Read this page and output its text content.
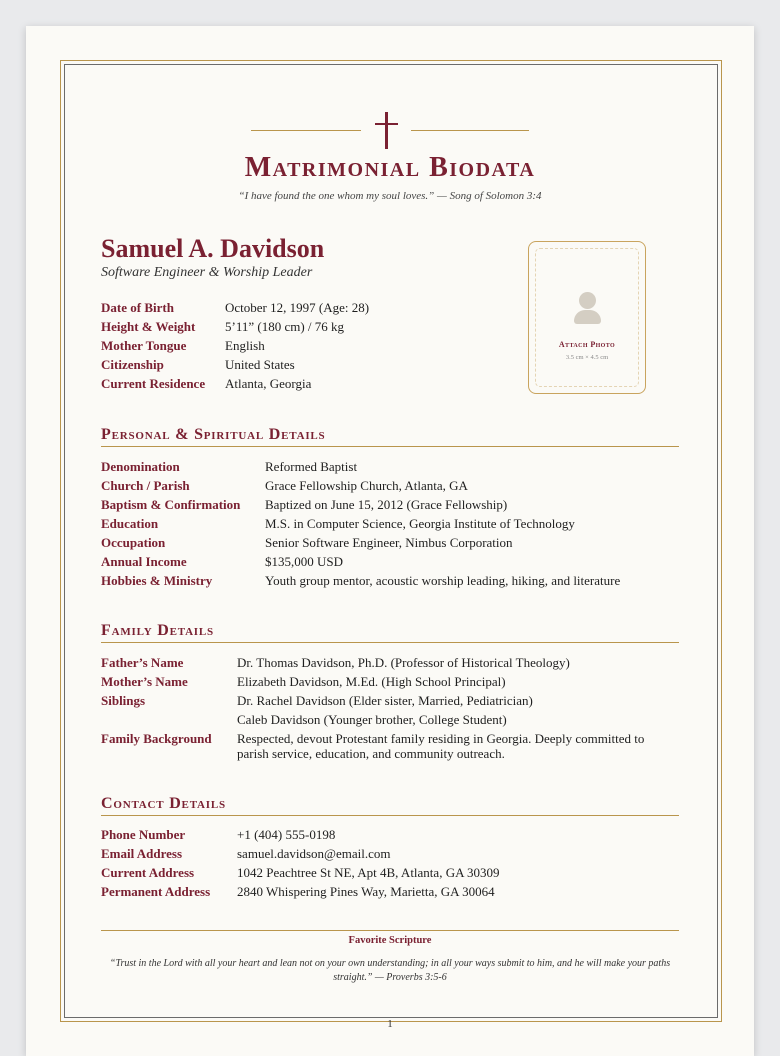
Matrimonial Biodata
“I have found the one whom my soul loves.” — Song of Solomon 3:4
Samuel A. Davidson
Software Engineer & Worship Leader
Date of Birth	October 12, 1997 (Age: 28)
Height & Weight	5’11” (180 cm) / 76 kg
Mother Tongue	English
Citizenship	United States
Current Residence	Atlanta, Georgia
Attach Photo
3.5 cm × 4.5 cm
Personal & Spiritual Details
Denomination	Reformed Baptist
Church / Parish	Grace Fellowship Church, Atlanta, GA
Baptism & Confirmation	Baptized on June 15, 2012 (Grace Fellowship)
Education	M.S. in Computer Science, Georgia Institute of Technology
Occupation	Senior Software Engineer, Nimbus Corporation
Annual Income	$135,000 USD
Hobbies & Ministry	Youth group mentor, acoustic worship leading, hiking, and literature
Family Details
Father’s Name	Dr. Thomas Davidson, Ph.D. (Professor of Historical Theology)
Mother’s Name	Elizabeth Davidson, M.Ed. (High School Principal)
Siblings	Dr. Rachel Davidson (Elder sister, Married, Pediatrician)
Caleb Davidson (Younger brother, College Student)
Family Background	Respected, devout Protestant family residing in Georgia. Deeply committed to parish service, education, and community outreach.
Contact Details
Phone Number	+1 (404) 555-0198
Email Address	samuel.davidson@email.com
Current Address	1042 Peachtree St NE, Apt 4B, Atlanta, GA 30309
Permanent Address	2840 Whispering Pines Way, Marietta, GA 30064
Favorite Scripture
“Trust in the Lord with all your heart and lean not on your own understanding; in all your ways submit to him, and he will make your paths straight.” — Proverbs 3:5-6
1
